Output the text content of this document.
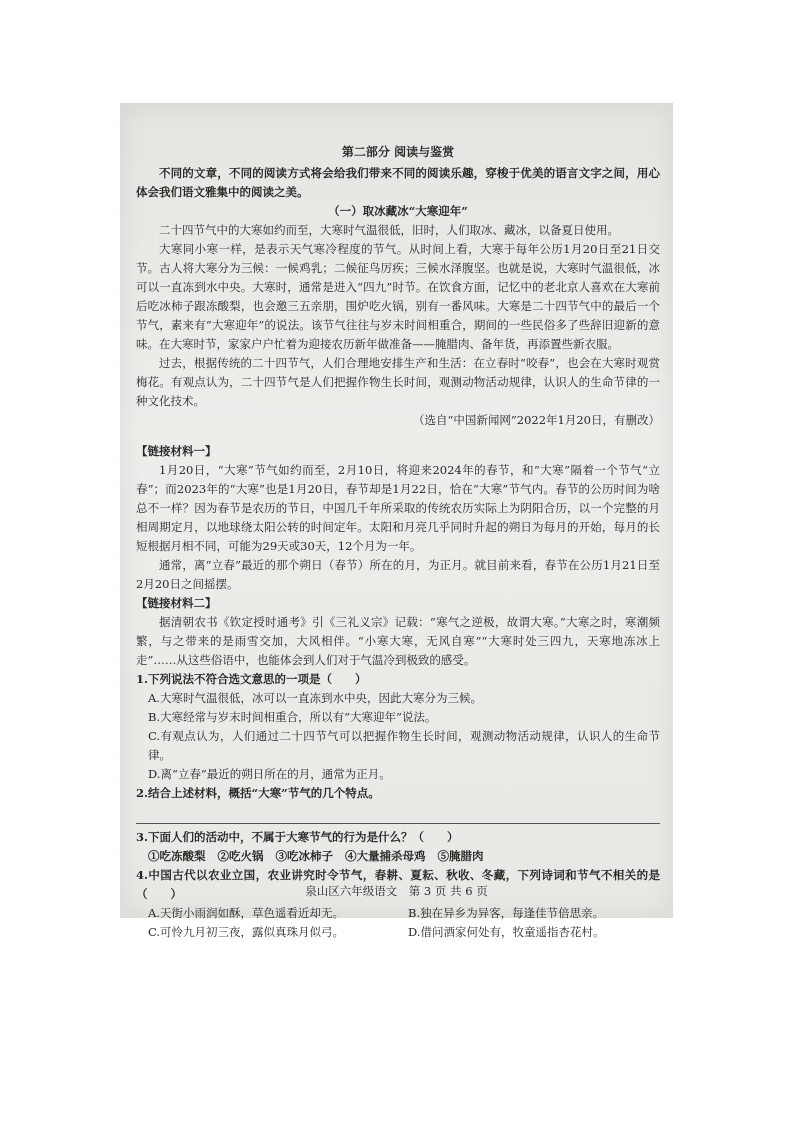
第二部分 阅读与鉴赏

不同的文章，不同的阅读方式将会给我们带来不同的阅读乐趣，穿梭于优美的语言文字之间，用心体会我们语文雅集中的阅读之美。

（一）取冰藏冰“大寒迎年”

二十四节气中的大寒如约而至，大寒时气温很低，旧时，人们取冰、藏冰，以备夏日使用。

大寒同小寒一样，是表示天气寒冷程度的节气。从时间上看，大寒于每年公历1月20日至21日交节。古人将大寒分为三候：一候鸡乳；二候征鸟厉疾；三候水泽腹坚。也就是说，大寒时气温很低，冰可以一直冻到水中央。大寒时，通常是进入“四九”时节。在饮食方面，记忆中的老北京人喜欢在大寒前后吃冰柿子跟冻酸梨，也会邀三五亲朋，围炉吃火锅，别有一番风味。大寒是二十四节气中的最后一个节气，素来有“大寒迎年”的说法。该节气往往与岁末时间相重合，期间的一些民俗多了些辞旧迎新的意味。在大寒时节，家家户户忙着为迎接农历新年做准备——腌腊肉、备年货，再添置些新衣服。

过去，根据传统的二十四节气，人们合理地安排生产和生活：在立春时“咬春”，也会在大寒时观赏梅花。有观点认为，二十四节气是人们把握作物生长时间，观测动物活动规律，认识人的生命节律的一种文化技术。

（选自“中国新闻网”2022年1月20日，有删改）

【链接材料一】

1月20日，“大寒”节气如约而至，2月10日，将迎来2024年的春节，和“大寒”隔着一个节气“立春”；而2023年的“大寒”也是1月20日，春节却是1月22日，恰在“大寒”节气内。春节的公历时间为啥总不一样？因为春节是农历的节日，中国几千年所采取的传统农历实际上为阴阳合历，以一个完整的月相周期定月，以地球绕太阳公转的时间定年。太阳和月亮几乎同时升起的朔日为每月的开始，每月的长短根据月相不同，可能为29天或30天，12个月为一年。

通常，离“立春”最近的那个朔日（春节）所在的月，为正月。就目前来看，春节在公历1月21日至2月20日之间摇摆。

【链接材料二】

据清朝农书《钦定授时通考》引《三礼义宗》记载：“寒气之逆极，故谓大寒。”大寒之时，寒潮频繁，与之带来的是雨雪交加，大风相伴。“小寒大寒，无风自寒”“大寒时处三四九，天寒地冻冰上走”……从这些俗语中，也能体会到人们对于气温冷到极致的感受。

1.下列说法不符合选文意思的一项是（　　）

A.大寒时气温很低，冰可以一直冻到水中央，因此大寒分为三候。

B.大寒经常与岁末时间相重合，所以有“大寒迎年”说法。

C.有观点认为，人们通过二十四节气可以把握作物生长时间，观测动物活动规律，认识人的生命节律。

D.离“立春”最近的朔日所在的月，通常为正月。

2.结合上述材料，概括“大寒”节气的几个特点。

3.下面人们的活动中，不属于大寒节气的行为是什么？（　　）

①吃冻酸梨 ②吃火锅 ③吃冰柿子 ④大量捕杀母鸡 ⑤腌腊肉

4.中国古代以农业立国，农业讲究时令节气，春耕、夏耘、秋收、冬藏，下列诗词和节气不相关的是（　　）

A.天街小雨润如酥，草色遥看近却无。	B.独在异乡为异客，每逢佳节倍思亲。
C.可怜九月初三夜，露似真珠月似弓。	D.借问酒家何处有，牧童遥指杏花村。
泉山区六年级语文　第 3 页 共 6 页
